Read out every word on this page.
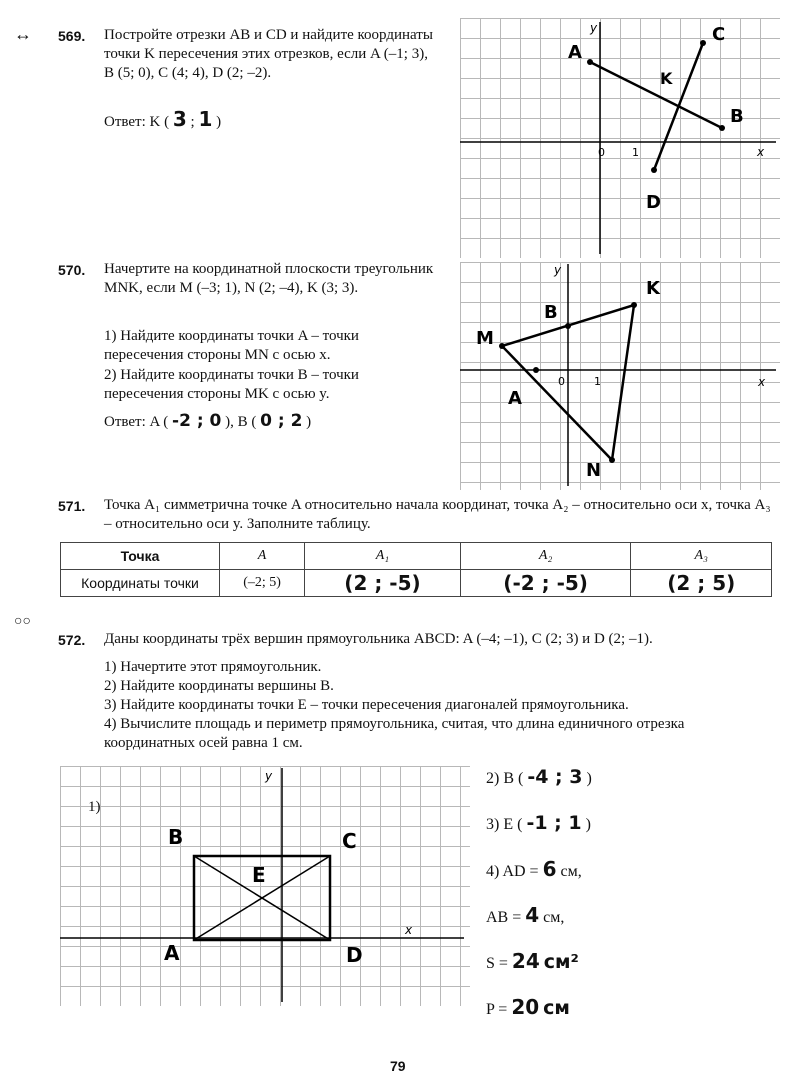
↔
○○
569. Постройте отрезки AB и CD и найдите координаты точки K пересечения этих отрезков, если A (–1; 3), B (5; 0), C (4; 4), D (2; –2).
Ответ: K ( 3 ; 1 )
x
y
0 1
A
B
C
D
K
570. Начертите на координатной плоскости треугольник MNK, если M (–3; 1), N (2; –4), K (3; 3).
1) Найдите координаты точки A – точки пересечения стороны MN с осью x.
2) Найдите координаты точки B – точки пересечения стороны MK с осью y.
Ответ: A ( -2 ; 0 ), B ( 0 ; 2 )
x
y
0	1
M
K
N
A
B
571. Точка A₁ симметрична точке A относительно начала координат, точка A₂ – относительно оси x, точка A₃ – относительно оси y. Заполните таблицу.
Точка	A	A₁	A₂	A₃
Координаты точки	(–2; 5)	(2 ; -5)	(-2 ; -5)	(2 ; 5)
572. Даны координаты трёх вершин прямоугольника ABCD: A (–4; –1), C (2; 3) и D (2; –1).
1) Начертите этот прямоугольник.
2) Найдите координаты вершины B.
3) Найдите координаты точки E – точки пересечения диагоналей прямоугольника.
4) Вычислите площадь и периметр прямоугольника, считая, что длина единичного отрезка координатных осей равна 1 см.
x
y
A
B	C
D
E
1)
2) B ( -4 ; 3 )
3) E ( -1 ; 1 )
4) AD = 6 см,
AB = 4 см,
S = 24 см²
P = 20 см
79
